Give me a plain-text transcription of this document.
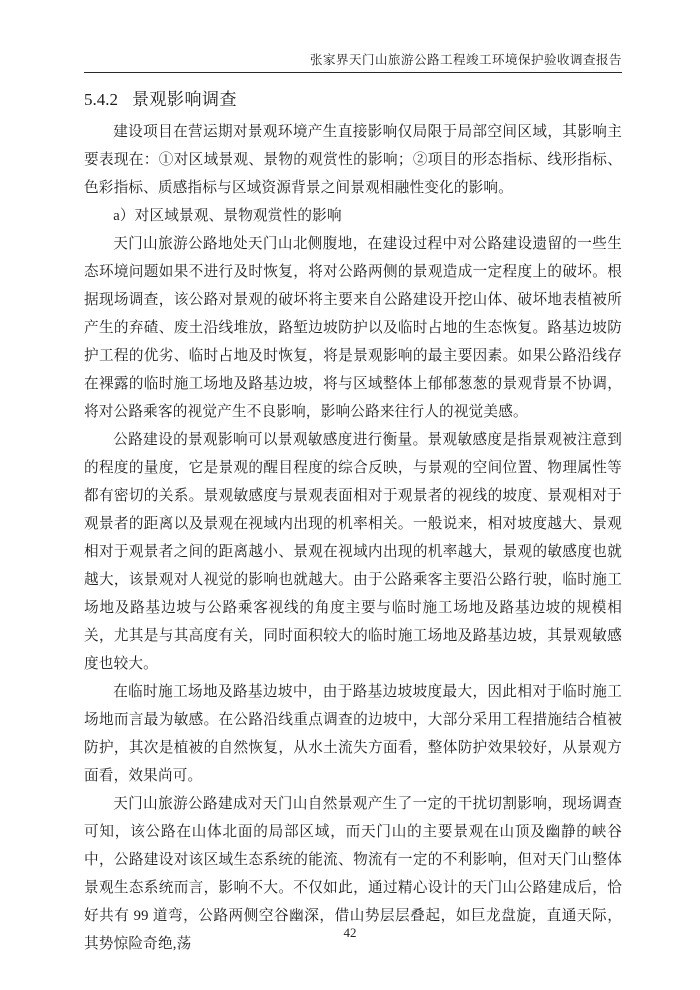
张家界天门山旅游公路工程竣工环境保护验收调查报告
5.4.2 景观影响调查

建设项目在营运期对景观环境产生直接影响仅局限于局部空间区域，其影响主要表现在：①对区域景观、景物的观赏性的影响；②项目的形态指标、线形指标、色彩指标、质感指标与区域资源背景之间景观相融性变化的影响。

a）对区域景观、景物观赏性的影响

天门山旅游公路地处天门山北侧腹地，在建设过程中对公路建设遗留的一些生态环境问题如果不进行及时恢复，将对公路两侧的景观造成一定程度上的破坏。根据现场调查，该公路对景观的破坏将主要来自公路建设开挖山体、破坏地表植被所产生的弃碴、废土沿线堆放，路堑边坡防护以及临时占地的生态恢复。路基边坡防护工程的优劣、临时占地及时恢复，将是景观影响的最主要因素。如果公路沿线存在裸露的临时施工场地及路基边坡，将与区域整体上郁郁葱葱的景观背景不协调，将对公路乘客的视觉产生不良影响，影响公路来往行人的视觉美感。

公路建设的景观影响可以景观敏感度进行衡量。景观敏感度是指景观被注意到的程度的量度，它是景观的醒目程度的综合反映，与景观的空间位置、物理属性等都有密切的关系。景观敏感度与景观表面相对于观景者的视线的坡度、景观相对于观景者的距离以及景观在视域内出现的机率相关。一般说来，相对坡度越大、景观相对于观景者之间的距离越小、景观在视域内出现的机率越大，景观的敏感度也就越大，该景观对人视觉的影响也就越大。由于公路乘客主要沿公路行驶，临时施工场地及路基边坡与公路乘客视线的角度主要与临时施工场地及路基边坡的规模相关，尤其是与其高度有关，同时面积较大的临时施工场地及路基边坡，其景观敏感度也较大。

在临时施工场地及路基边坡中，由于路基边坡坡度最大，因此相对于临时施工场地而言最为敏感。在公路沿线重点调查的边坡中，大部分采用工程措施结合植被防护，其次是植被的自然恢复，从水土流失方面看，整体防护效果较好，从景观方面看，效果尚可。

天门山旅游公路建成对天门山自然景观产生了一定的干扰切割影响，现场调查可知，该公路在山体北面的局部区域，而天门山的主要景观在山顶及幽静的峡谷中，公路建设对该区域生态系统的能流、物流有一定的不利影响，但对天门山整体景观生态系统而言，影响不大。不仅如此，通过精心设计的天门山公路建成后，恰好共有 99 道弯，公路两侧空谷幽深，借山势层层叠起，如巨龙盘旋，直通天际，其势惊险奇绝,荡

42
